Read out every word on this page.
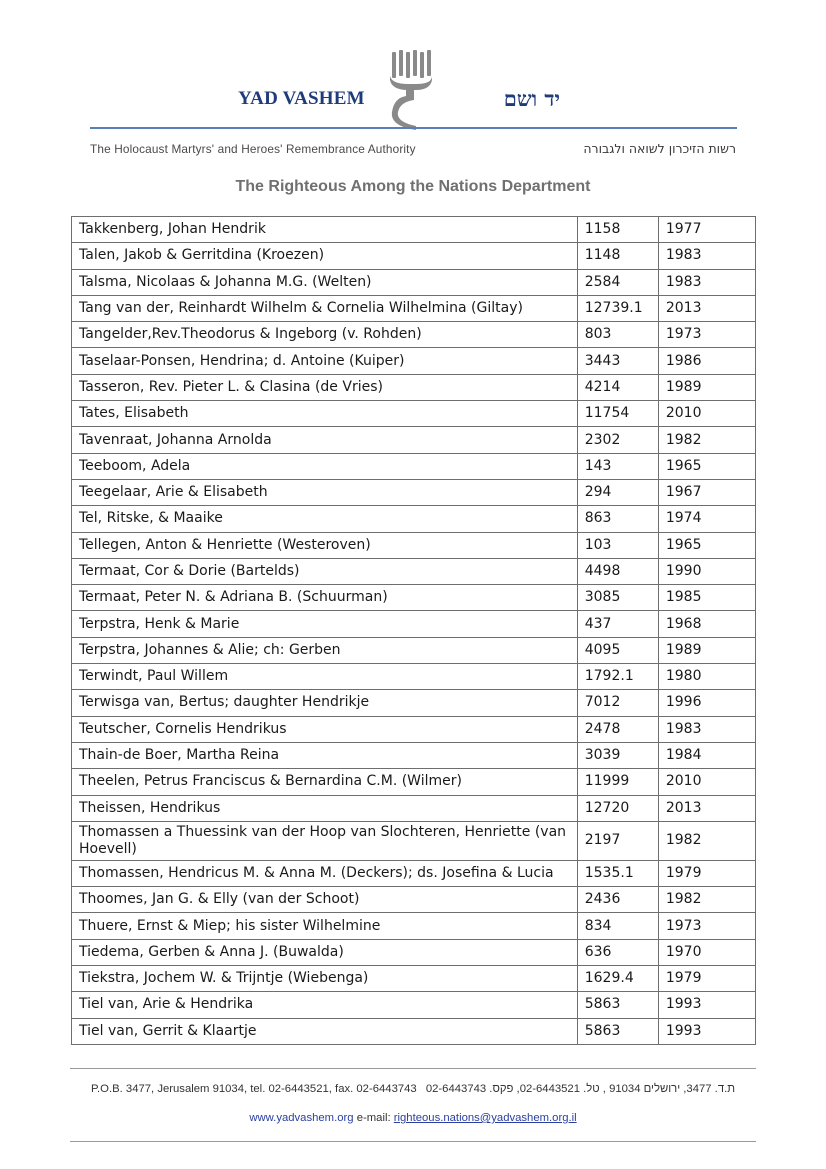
YAD VASHEM	יד ושם
The Holocaust Martyrs' and Heroes' Remembrance Authority	רשות הזיכרון לשואה ולגבורה
The Righteous Among the Nations Department
Takkenberg, Johan Hendrik	1158	1977
Talen, Jakob & Gerritdina (Kroezen)	1148	1983
Talsma, Nicolaas & Johanna M.G. (Welten)	2584	1983
Tang van der, Reinhardt Wilhelm & Cornelia Wilhelmina (Giltay)	12739.1	2013
Tangelder,Rev.Theodorus & Ingeborg (v. Rohden)	803	1973
Taselaar-Ponsen, Hendrina; d. Antoine (Kuiper)	3443	1986
Tasseron, Rev. Pieter L. & Clasina (de Vries)	4214	1989
Tates, Elisabeth	11754	2010
Tavenraat, Johanna Arnolda	2302	1982
Teeboom, Adela	143	1965
Teegelaar, Arie & Elisabeth	294	1967
Tel, Ritske, & Maaike	863	1974
Tellegen, Anton & Henriette (Westeroven)	103	1965
Termaat, Cor & Dorie (Bartelds)	4498	1990
Termaat, Peter N. & Adriana B. (Schuurman)	3085	1985
Terpstra, Henk & Marie	437	1968
Terpstra, Johannes & Alie; ch: Gerben	4095	1989
Terwindt, Paul Willem	1792.1	1980
Terwisga van, Bertus; daughter Hendrikje	7012	1996
Teutscher, Cornelis Hendrikus	2478	1983
Thain-de Boer, Martha Reina	3039	1984
Theelen, Petrus Franciscus & Bernardina C.M. (Wilmer)	11999	2010
Theissen, Hendrikus	12720	2013
Thomassen a Thuessink van der Hoop van Slochteren, Henriette (van Hoevell)	2197	1982
Thomassen, Hendricus M. & Anna M. (Deckers); ds. Josefina & Lucia	1535.1	1979
Thoomes, Jan G. & Elly (van der Schoot)	2436	1982
Thuere, Ernst & Miep; his sister Wilhelmine	834	1973
Tiedema, Gerben & Anna J. (Buwalda)	636	1970
Tiekstra, Jochem W. & Trijntje (Wiebenga)	1629.4	1979
Tiel van, Arie & Hendrika	5863	1993
Tiel van, Gerrit & Klaartje	5863	1993
P.O.B. 3477, Jerusalem 91034, tel. 02-6443521, fax. 02-6443743 ת.ד. 3477, ירושלים 91034 , טל. 02-6443521, פקס. 02-6443743
www.yadvashem.org e-mail: righteous.nations@yadvashem.org.il
